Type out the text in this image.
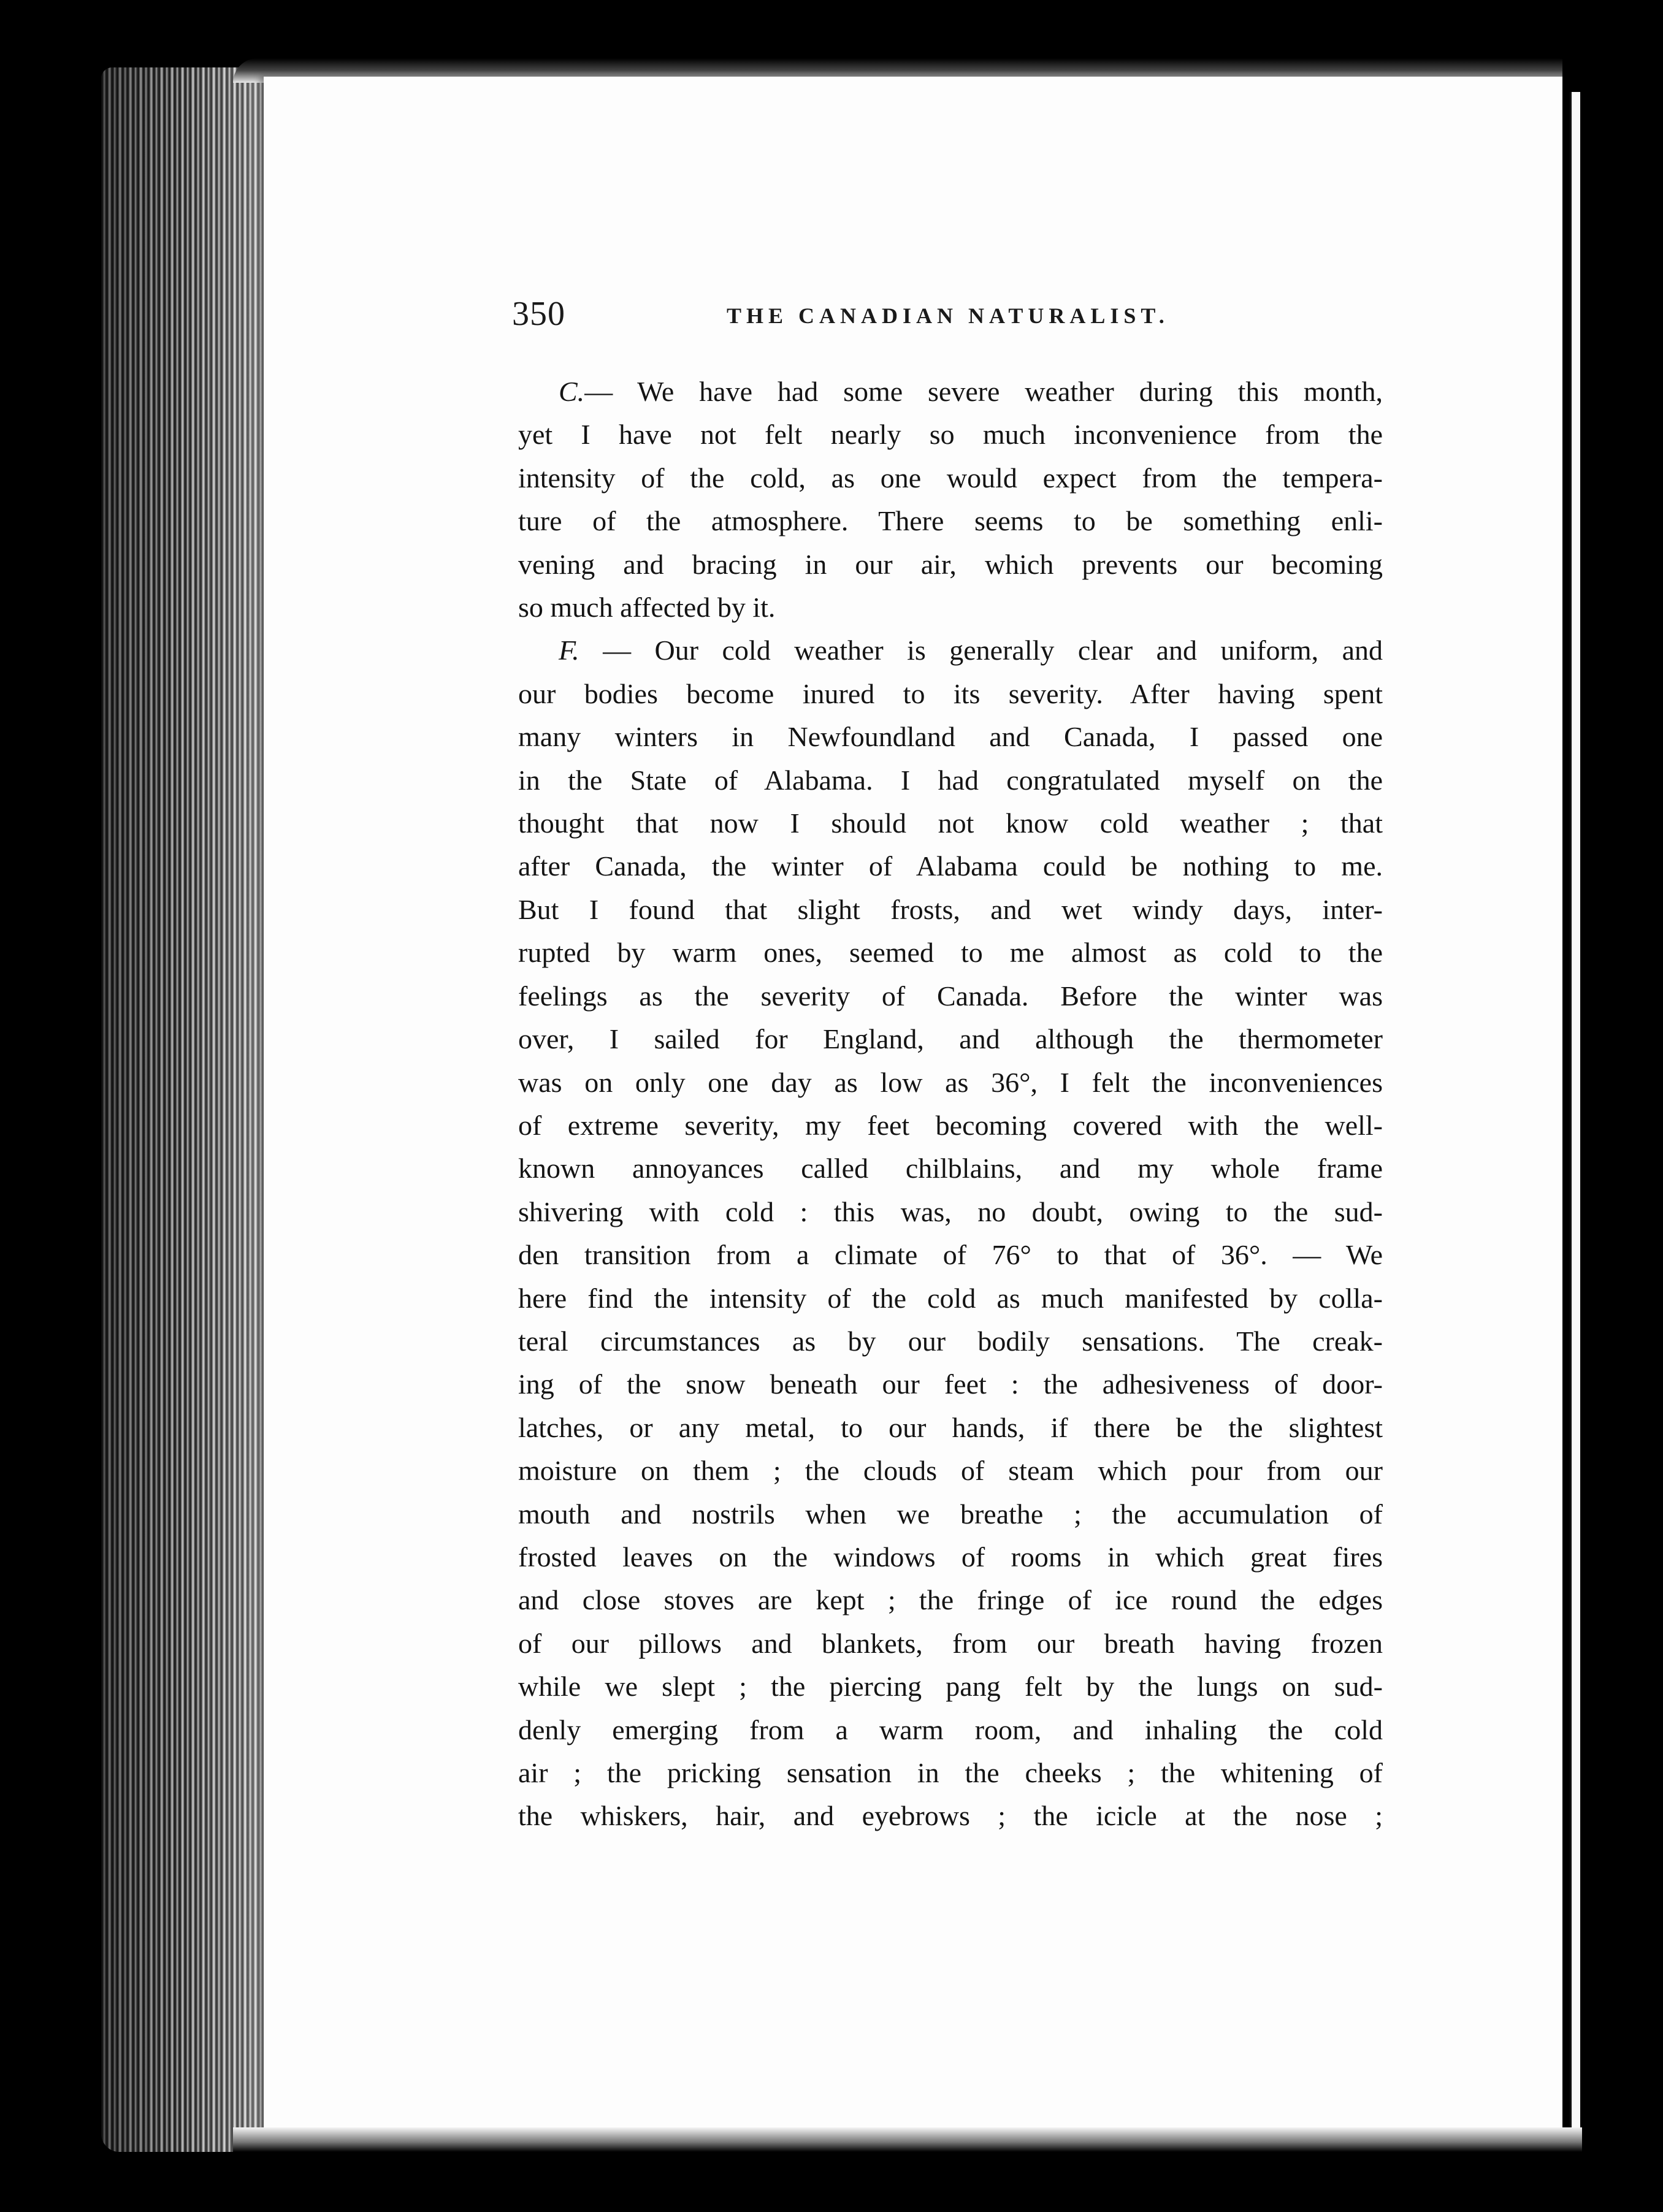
350	THE CANADIAN NATURALIST.
C.— We have had some severe weather during this month,
yet I have not felt nearly so much inconvenience from the
intensity of the cold, as one would expect from the tempera-
ture of the atmosphere. There seems to be something enli-
vening and bracing in our air, which prevents our becoming
so much affected by it.
F. — Our cold weather is generally clear and uniform, and
our bodies become inured to its severity. After having spent
many winters in Newfoundland and Canada, I passed one
in the State of Alabama. I had congratulated myself on the
thought that now I should not know cold weather ; that
after Canada, the winter of Alabama could be nothing to me.
But I found that slight frosts, and wet windy days, inter-
rupted by warm ones, seemed to me almost as cold to the
feelings as the severity of Canada. Before the winter was
over, I sailed for England, and although the thermometer
was on only one day as low as 36°, I felt the inconveniences
of extreme severity, my feet becoming covered with the well-
known annoyances called chilblains, and my whole frame
shivering with cold : this was, no doubt, owing to the sud-
den transition from a climate of 76° to that of 36°. — We
here find the intensity of the cold as much manifested by colla-
teral circumstances as by our bodily sensations. The creak-
ing of the snow beneath our feet : the adhesiveness of door-
latches, or any metal, to our hands, if there be the slightest
moisture on them ; the clouds of steam which pour from our
mouth and nostrils when we breathe ; the accumulation of
frosted leaves on the windows of rooms in which great fires
and close stoves are kept ; the fringe of ice round the edges
of our pillows and blankets, from our breath having frozen
while we slept ; the piercing pang felt by the lungs on sud-
denly emerging from a warm room, and inhaling the cold
air ; the pricking sensation in the cheeks ; the whitening of
the whiskers, hair, and eyebrows ; the icicle at the nose ;
